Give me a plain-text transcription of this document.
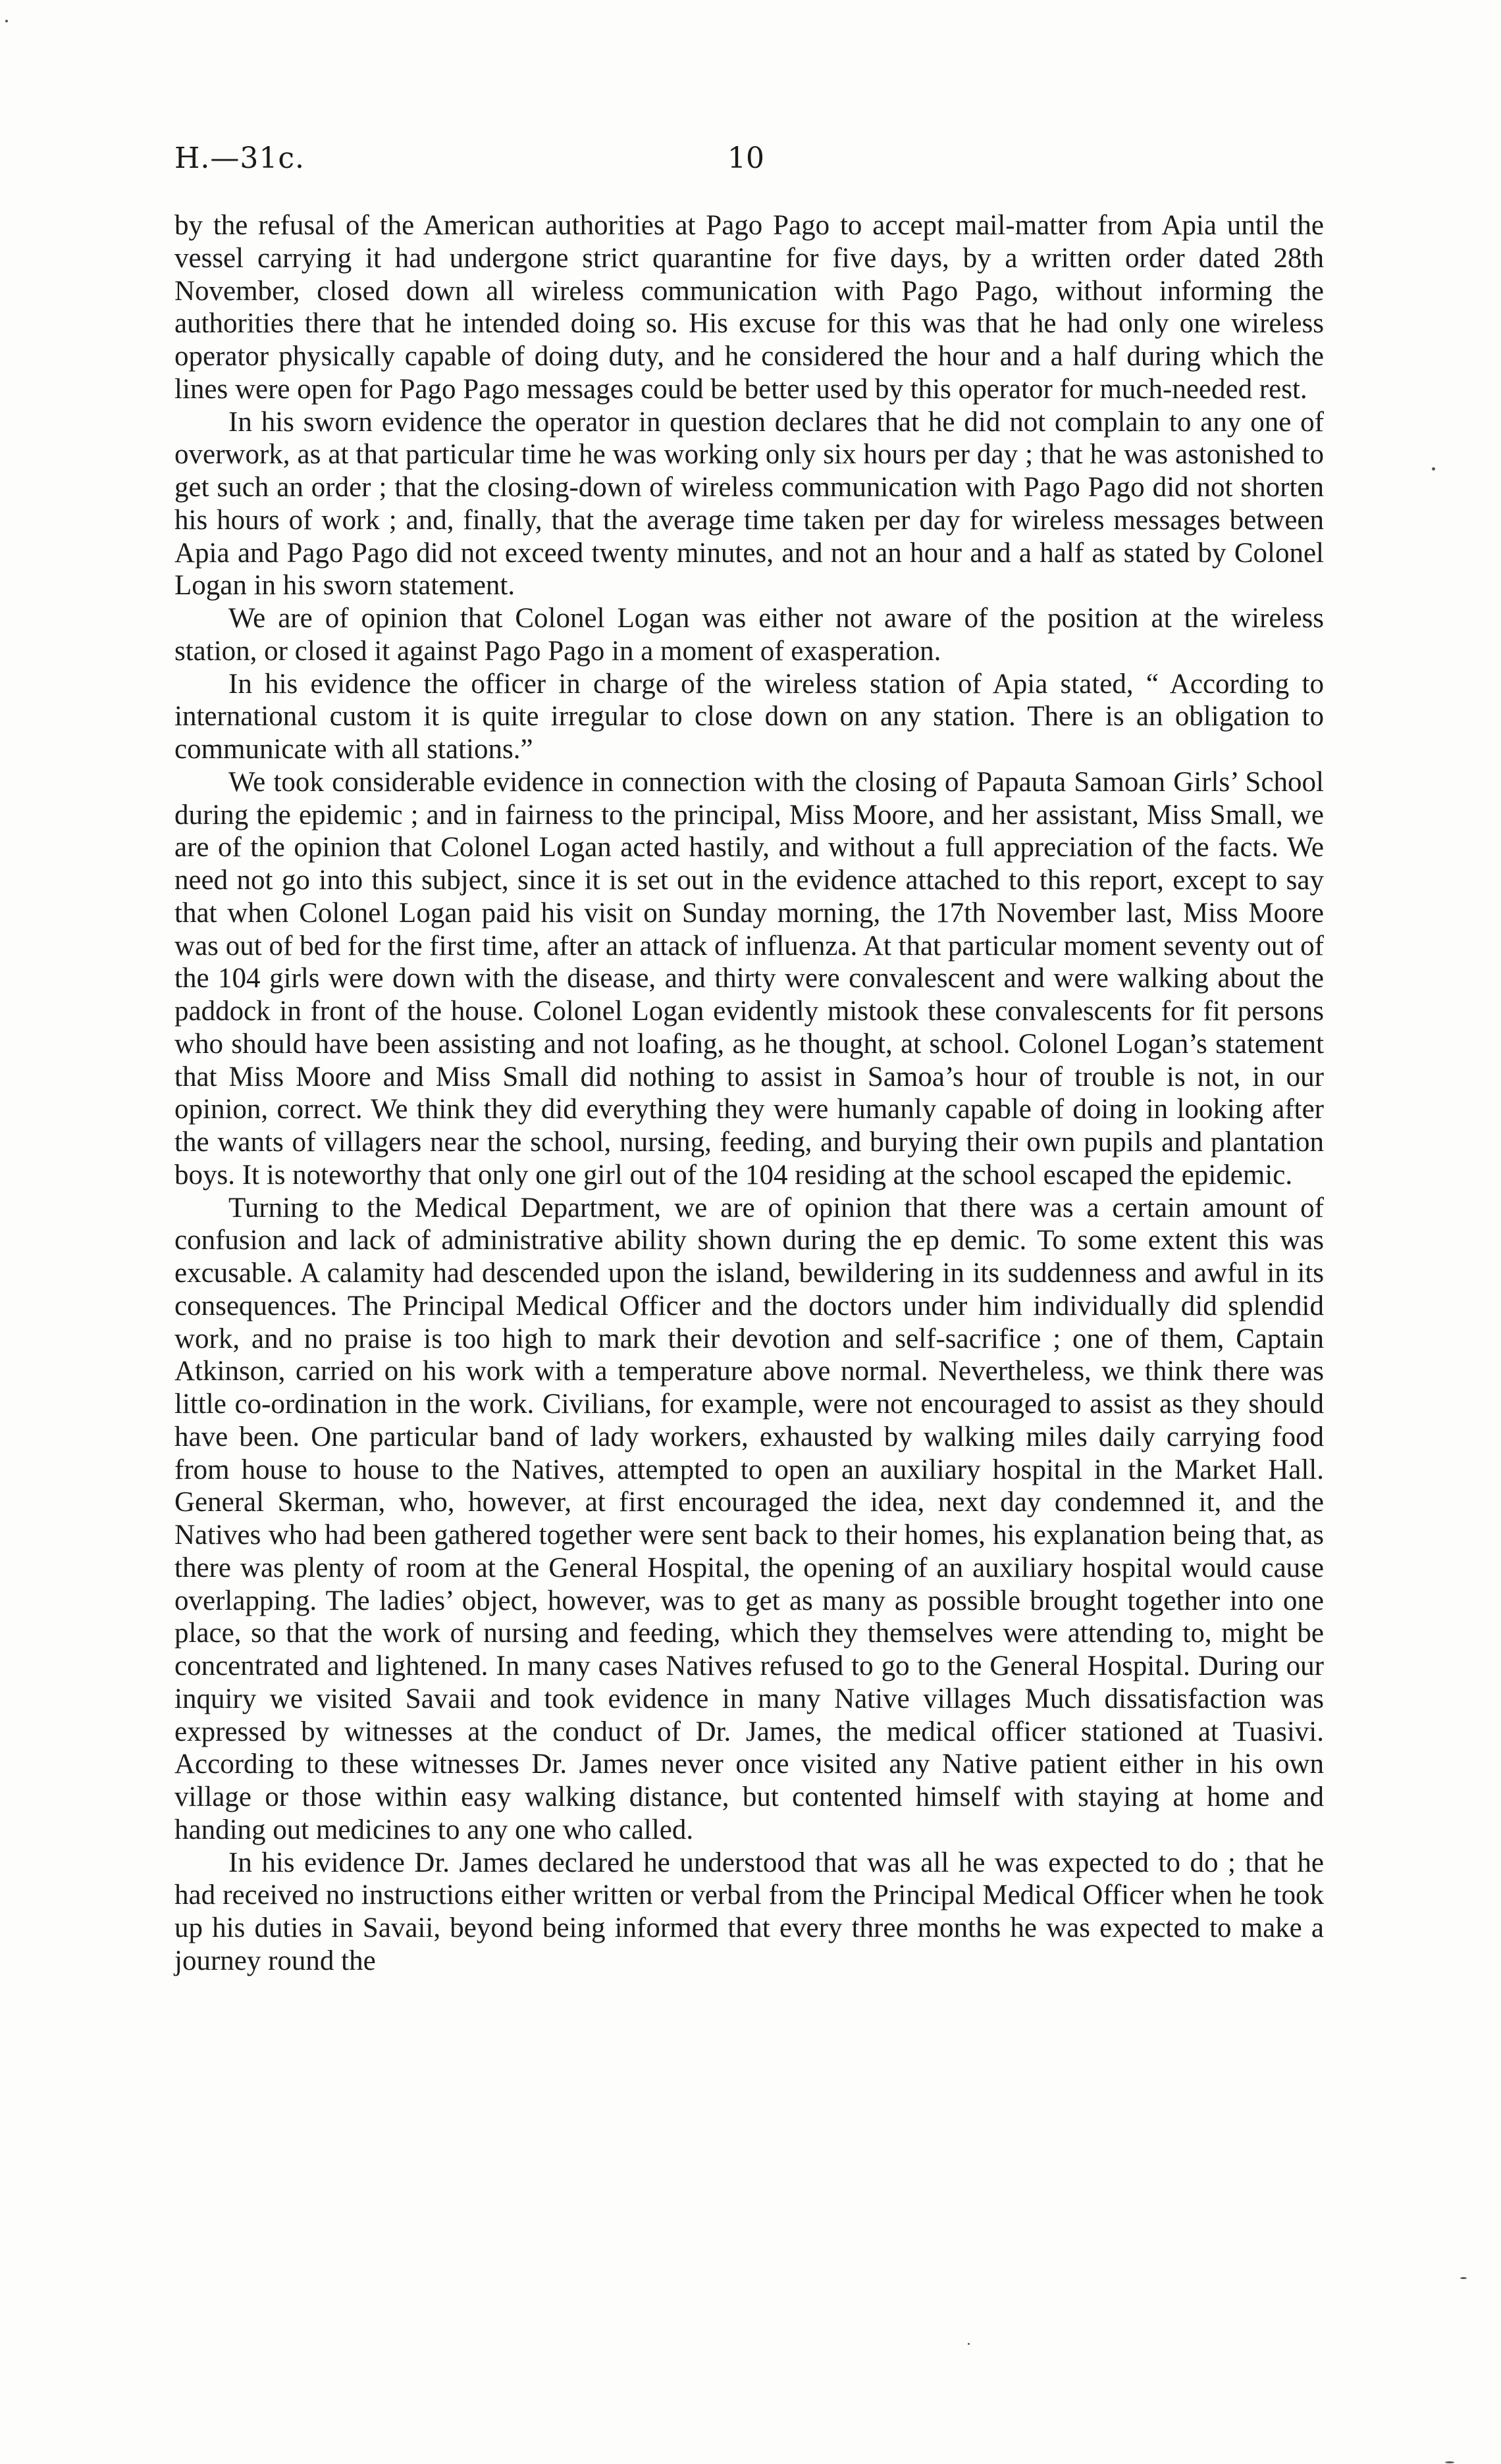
H.—31c.	10

by the refusal of the American authorities at Pago Pago to accept mail-matter from Apia until the vessel carrying it had undergone strict quarantine for five days, by a written order dated 28th November, closed down all wireless communication with Pago Pago, without informing the authorities there that he intended doing so. His excuse for this was that he had only one wireless operator physically capable of doing duty, and he considered the hour and a half during which the lines were open for Pago Pago messages could be better used by this operator for much-needed rest.

In his sworn evidence the operator in question declares that he did not complain to any one of overwork, as at that particular time he was working only six hours per day ; that he was astonished to get such an order ; that the closing-down of wireless communication with Pago Pago did not shorten his hours of work ; and, finally, that the average time taken per day for wireless messages between Apia and Pago Pago did not exceed twenty minutes, and not an hour and a half as stated by Colonel Logan in his sworn statement.

We are of opinion that Colonel Logan was either not aware of the position at the wireless station, or closed it against Pago Pago in a moment of exasperation.

In his evidence the officer in charge of the wireless station of Apia stated, “ According to international custom it is quite irregular to close down on any station. There is an obligation to communicate with all stations.”

We took considerable evidence in connection with the closing of Papauta Samoan Girls’ School during the epidemic ; and in fairness to the principal, Miss Moore, and her assistant, Miss Small, we are of the opinion that Colonel Logan acted hastily, and without a full appreciation of the facts. We need not go into this subject, since it is set out in the evidence attached to this report, except to say that when Colonel Logan paid his visit on Sunday morning, the 17th November last, Miss Moore was out of bed for the first time, after an attack of influenza. At that particular moment seventy out of the 104 girls were down with the disease, and thirty were convalescent and were walking about the paddock in front of the house. Colonel Logan evidently mistook these convalescents for fit persons who should have been assisting and not loafing, as he thought, at school. Colonel Logan’s statement that Miss Moore and Miss Small did nothing to assist in Samoa’s hour of trouble is not, in our opinion, correct. We think they did everything they were humanly capable of doing in looking after the wants of villagers near the school, nursing, feeding, and burying their own pupils and plantation boys. It is noteworthy that only one girl out of the 104 residing at the school escaped the epidemic.

Turning to the Medical Department, we are of opinion that there was a certain amount of confusion and lack of administrative ability shown during the ep demic. To some extent this was excusable. A calamity had descended upon the island, bewildering in its suddenness and awful in its consequences. The Principal Medical Officer and the doctors under him individually did splendid work, and no praise is too high to mark their devotion and self-sacrifice ; one of them, Captain Atkinson, carried on his work with a temperature above normal. Nevertheless, we think there was little co-ordination in the work. Civilians, for example, were not encouraged to assist as they should have been. One particular band of lady workers, exhausted by walking miles daily carrying food from house to house to the Natives, attempted to open an auxiliary hospital in the Market Hall. General Skerman, who, however, at first encouraged the idea, next day condemned it, and the Natives who had been gathered together were sent back to their homes, his explanation being that, as there was plenty of room at the General Hospital, the opening of an auxiliary hospital would cause overlapping. The ladies’ object, however, was to get as many as possible brought together into one place, so that the work of nursing and feeding, which they themselves were attending to, might be concentrated and lightened. In many cases Natives refused to go to the General Hospital. During our inquiry we visited Savaii and took evidence in many Native villages Much dissatisfaction was expressed by witnesses at the conduct of Dr. James, the medical officer stationed at Tuasivi. According to these witnesses Dr. James never once visited any Native patient either in his own village or those within easy walking distance, but contented himself with staying at home and handing out medicines to any one who called.

In his evidence Dr. James declared he understood that was all he was expected to do ; that he had received no instructions either written or verbal from the Principal Medical Officer when he took up his duties in Savaii, beyond being informed that every three months he was expected to make a journey round the
